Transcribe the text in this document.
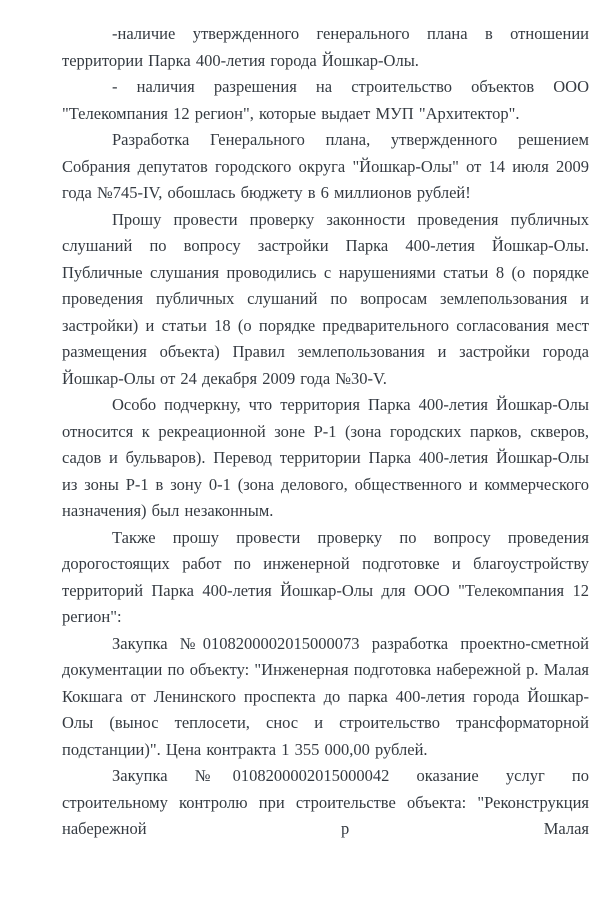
-наличие утвержденного генерального плана в отношении территории Парка 400-летия города Йошкар-Олы.

- наличия разрешения на строительство объектов ООО "Телекомпания 12 регион", которые выдает МУП "Архитектор".

Разработка Генерального плана, утвержденного решением Собрания депутатов городского округа "Йошкар-Олы" от 14 июля 2009 года №745-IV, обошлась бюджету в 6 миллионов рублей!

Прошу провести проверку законности проведения публичных слушаний по вопросу застройки Парка 400-летия Йошкар-Олы. Публичные слушания проводились с нарушениями статьи 8 (о порядке проведения публичных слушаний по вопросам землепользования и застройки) и статьи 18 (о порядке предварительного согласования мест размещения объекта) Правил землепользования и застройки города Йошкар-Олы от 24 декабря 2009 года №30-V.

Особо подчеркну, что территория Парка 400-летия Йошкар-Олы относится к рекреационной зоне Р-1 (зона городских парков, скверов, садов и бульваров). Перевод территории Парка 400-летия Йошкар-Олы из зоны Р-1 в зону 0-1 (зона делового, общественного и коммерческого назначения) был незаконным.

Также прошу провести проверку по вопросу проведения дорогостоящих работ по инженерной подготовке и благоустройству территорий Парка 400-летия Йошкар-Олы для ООО "Телекомпания 12 регион":

Закупка №0108200002015000073 разработка проектно-сметной документации по объекту: "Инженерная подготовка набережной р. Малая Кокшага от Ленинского проспекта до парка 400-летия города Йошкар-Олы (вынос теплосети, снос и строительство трансформаторной подстанции)". Цена контракта 1 355 000,00 рублей.

Закупка №0108200002015000042 оказание услуг по строительному контролю при строительстве объекта: "Реконструкция набережной р Малая
